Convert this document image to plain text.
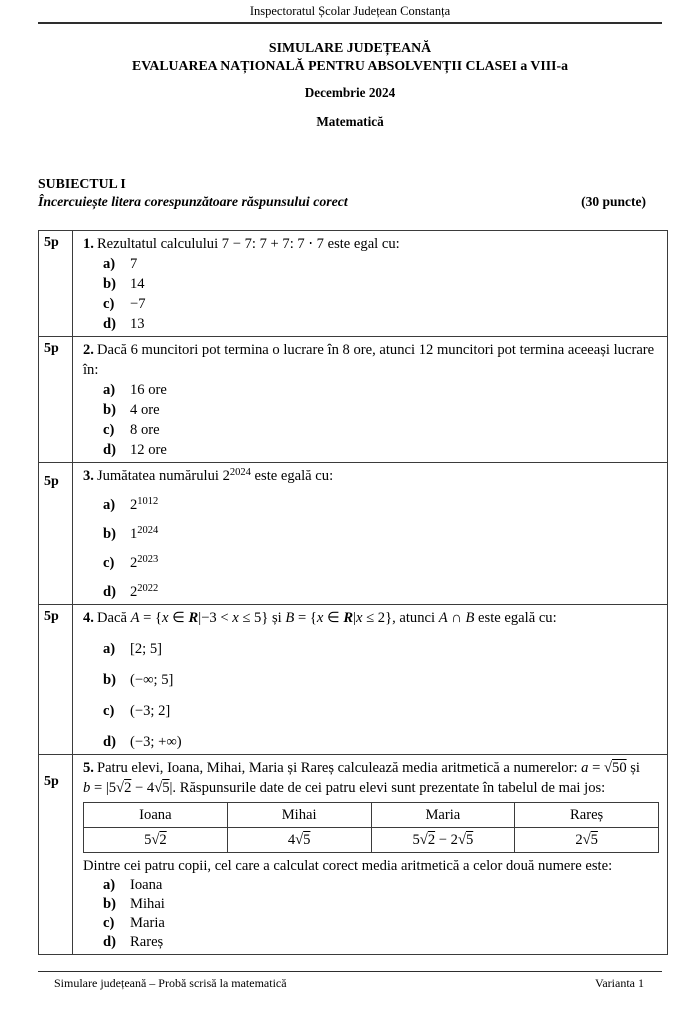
Inspectoratul Școlar Județean Constanța
SIMULARE JUDEȚEANĂ
EVALUAREA NAȚIONALĂ PENTRU ABSOLVENȚII CLASEI a VIII-a
Decembrie 2024
Matematică
SUBIECTUL I
Încercuiește litera corespunzătoare răspunsului corect	(30 puncte)
5p	1. Rezultatul calculului 7 − 7: 7 + 7: 7 ⋅ 7 este egal cu:
a) 7
b) 14
c) −7
d) 13

5p	2. Dacă 6 muncitori pot termina o lucrare în 8 ore, atunci 12 muncitori pot termina aceeași lucrare în:
a) 16 ore
b) 4 ore
c) 8 ore
d) 12 ore

5p	3. Jumătatea numărului $2^{2024}$ este egală cu:
a) $2^{1012}$
b) $1^{2024}$
c) $2^{2023}$
d) $2^{2022}$

5p	4. Dacă A = {x ∈ R|−3 < x ≤ 5} și B = {x ∈ R|x ≤ 2}, atunci A ∩ B este egală cu:
a) [2; 5]
b) (−∞; 5]
c) (−3; 2]
d) (−3; +∞)

5p	
5. Patru elevi, Ioana, Mihai, Maria și Rareș calculează media aritmetică a numerelor: a = √50 și
b = |5√2 − 4√5|. Răspunsurile date de cei patru elevi sunt prezentate în tabelul de mai jos:
Ioana	Mihai	Maria	Rareș
5√2	4√5	5√2 − 2√5	2√5
Dintre cei patru copii, cel care a calculat corect media aritmetică a celor două numere este:
a) Ioana
b) Mihai
c) Maria
d) Rareș
Simulare județeană – Probă scrisă la matematică	Varianta 1
